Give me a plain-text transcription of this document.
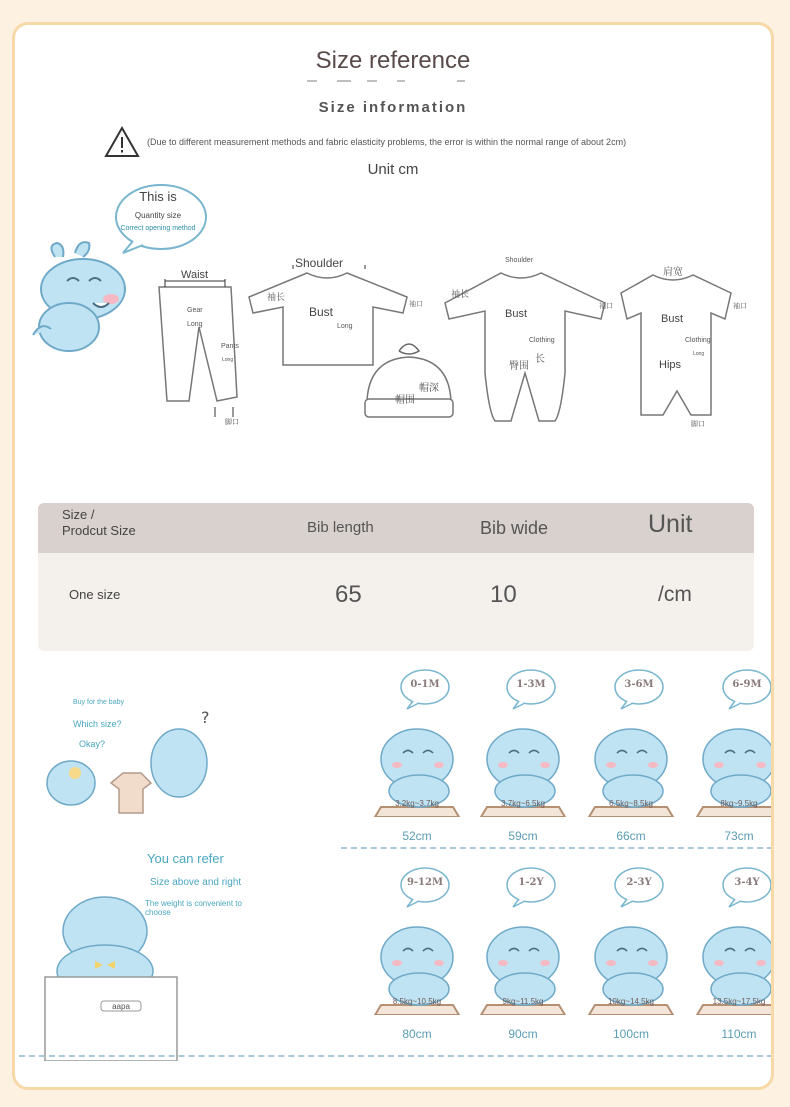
Size reference
Size information
(Due to different measurement methods and fabric elasticity problems, the error is within the normal range of about 2cm)
Unit cm
This is
Quantity size
Correct opening method
Waist
Gear
Long
Pants
Long
脚口
Shoulder
袖长
Bust
Long
袖口
帽围
帽深
Shoulder
袖长
Bust
Clothing
长
臀围
袖口
肩宽
Bust
Clothing
Long
Hips
袖口
脚口
Size / Prodcut Size	Bib length	Bib wide	Unit
One size	65	10	/cm
Buy for the baby
Which size?
Okay?
?
You can refer
Size above and right
The weight is convenient to choose
aapa
0-1M
3.2kg~3.7kg
52cm
1-3M
3.7kg~6.5kg
59cm
3-6M
6.5kg~8.5kg
66cm
6-9M
8kg~9.5kg
73cm
9-12M
8.5kg~10.5kg
80cm
1-2Y
9kg~11.5kg
90cm
2-3Y
10kg~14.5kg
100cm
3-4Y
13.5kg~17.5kg
110cm
